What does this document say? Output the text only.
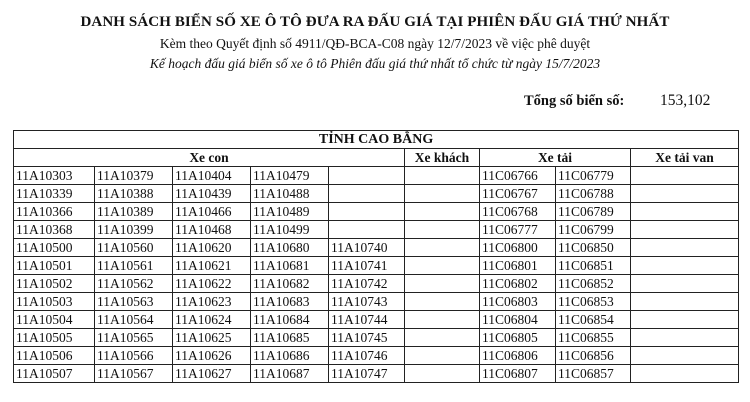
DANH SÁCH BIỂN SỐ XE Ô TÔ ĐƯA RA ĐẤU GIÁ TẠI PHIÊN ĐẤU GIÁ THỨ NHẤT
Kèm theo Quyết định số 4911/QĐ-BCA-C08 ngày 12/7/2023 về việc phê duyệt
Kế hoạch đấu giá biển số xe ô tô Phiên đấu giá thứ nhất tổ chức từ ngày 15/7/2023
Tổng số biển số: 153,102
TỈNH CAO BẰNG								
Xe con					Xe khách	Xe tải		Xe tải van
11A10303	11A10379	11A10404	11A10479			11C06766	11C06779	
11A10339	11A10388	11A10439	11A10488			11C06767	11C06788	
11A10366	11A10389	11A10466	11A10489			11C06768	11C06789	
11A10368	11A10399	11A10468	11A10499			11C06777	11C06799	
11A10500	11A10560	11A10620	11A10680	11A10740		11C06800	11C06850	
11A10501	11A10561	11A10621	11A10681	11A10741		11C06801	11C06851	
11A10502	11A10562	11A10622	11A10682	11A10742		11C06802	11C06852	
11A10503	11A10563	11A10623	11A10683	11A10743		11C06803	11C06853	
11A10504	11A10564	11A10624	11A10684	11A10744		11C06804	11C06854	
11A10505	11A10565	11A10625	11A10685	11A10745		11C06805	11C06855	
11A10506	11A10566	11A10626	11A10686	11A10746		11C06806	11C06856	
11A10507	11A10567	11A10627	11A10687	11A10747		11C06807	11C06857	
